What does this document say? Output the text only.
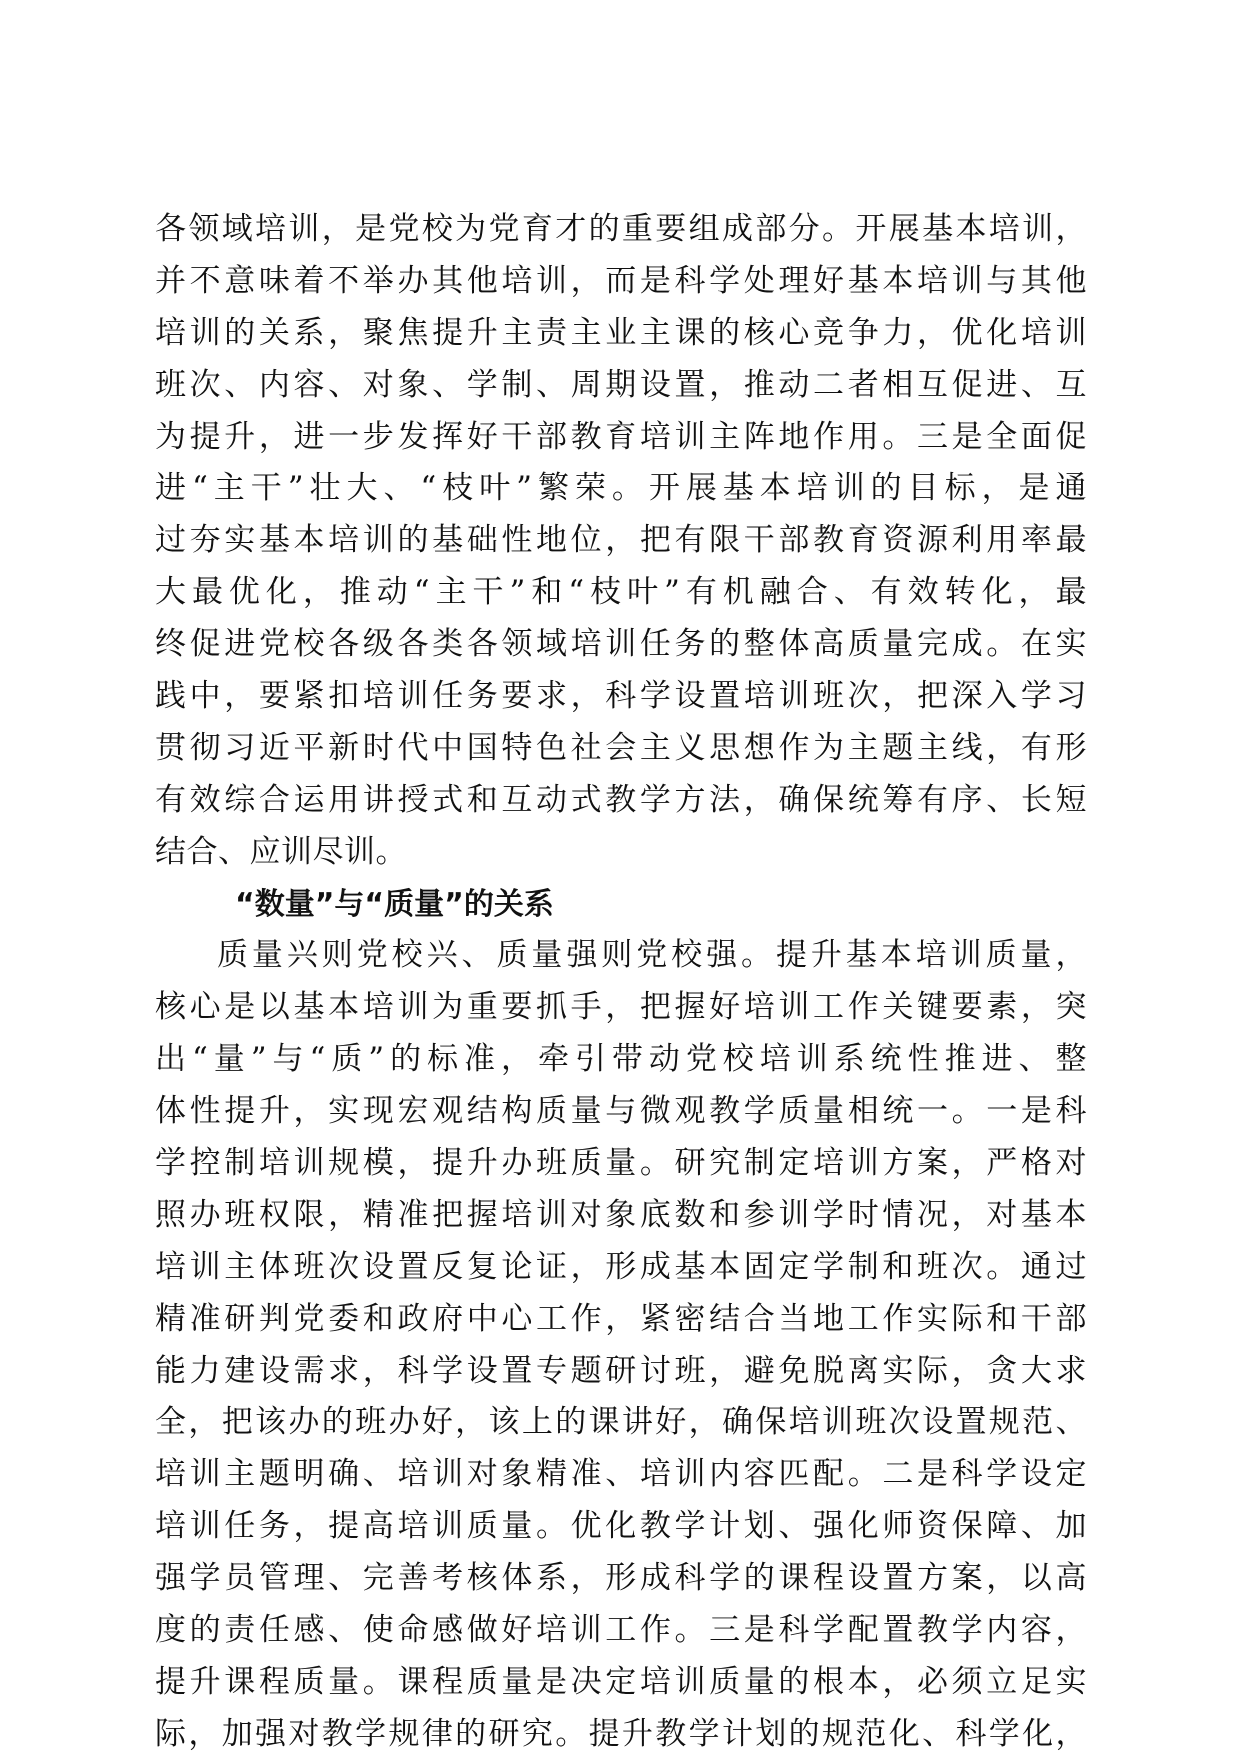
各领域培训，是党校为党育才的重要组成部分。开展基本培训，
并不意味着不举办其他培训，而是科学处理好基本培训与其他
培训的关系，聚焦提升主责主业主课的核心竞争力，优化培训
班次、内容、对象、学制、周期设置，推动二者相互促进、互
为提升，进一步发挥好干部教育培训主阵地作用。三是全面促
进“主干”壮大、“枝叶”繁荣。开展基本培训的目标，是通
过夯实基本培训的基础性地位，把有限干部教育资源利用率最
大最优化，推动“主干”和“枝叶”有机融合、有效转化，最
终促进党校各级各类各领域培训任务的整体高质量完成。在实
践中，要紧扣培训任务要求，科学设置培训班次，把深入学习
贯彻习近平新时代中国特色社会主义思想作为主题主线，有形
有效综合运用讲授式和互动式教学方法，确保统筹有序、长短
结合、应训尽训。
“数量”与“质量”的关系
质量兴则党校兴、质量强则党校强。提升基本培训质量，
核心是以基本培训为重要抓手，把握好培训工作关键要素，突
出“量”与“质”的标准，牵引带动党校培训系统性推进、整
体性提升，实现宏观结构质量与微观教学质量相统一。一是科
学控制培训规模，提升办班质量。研究制定培训方案，严格对
照办班权限，精准把握培训对象底数和参训学时情况，对基本
培训主体班次设置反复论证，形成基本固定学制和班次。通过
精准研判党委和政府中心工作，紧密结合当地工作实际和干部
能力建设需求，科学设置专题研讨班，避免脱离实际，贪大求
全，把该办的班办好，该上的课讲好，确保培训班次设置规范、
培训主题明确、培训对象精准、培训内容匹配。二是科学设定
培训任务，提高培训质量。优化教学计划、强化师资保障、加
强学员管理、完善考核体系，形成科学的课程设置方案，以高
度的责任感、使命感做好培训工作。三是科学配置教学内容，
提升课程质量。课程质量是决定培训质量的根本，必须立足实
际，加强对教学规律的研究。提升教学计划的规范化、科学化，
